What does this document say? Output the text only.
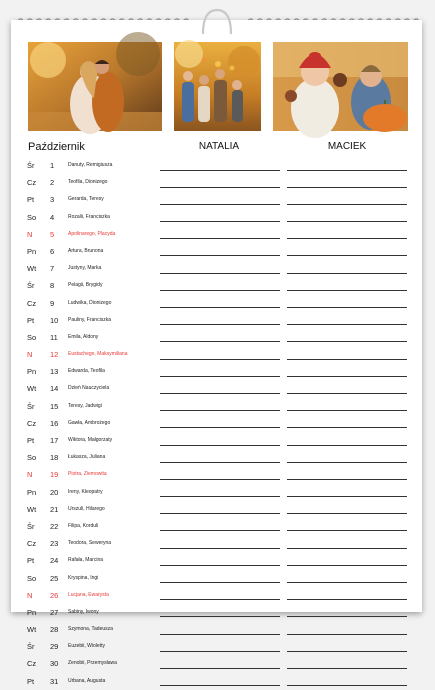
Październik	NATALIA	MACIEK
Śr 1	Danuty, Remigiusza
Cz 2	Teofila, Dionizego
Pt 3	Gerarda, Teresy
So 4	Rozalii, Franciszka
N 5	Apolinarego, Placyda
Pn 6	Artura, Brunona
Wt 7	Justyny, Marka
Śr 8	Pelagii, Brygidy
Cz 9	Ludwika, Dionizego
Pt 10 Pauliny, Franciszka
So 11 Emila, Aldony
N 12 Eustachego, Maksymiliana
Pn 13 Edwarda, Teofila
Wt 14 Dzień Nauczyciela
Śr 15 Teresy, Jadwigi
Cz 16 Gawła, Ambrożego
Pt 17 Wiktora, Małgorzaty
So 18 Łukasza, Juliana
N 19 Piotra, Ziemowita
Pn 20 Ireny, Kleopatry
Wt 21 Urszuli, Hilarego
Śr 22 Filipa, Korduli
Cz 23 Teodora, Seweryna
Pt 24 Rafała, Marcina
So 25 Kryspina, Ingi
N 26 Lucjana, Ewarysta
Pn 27 Sabiny, Iwony
Wt 28 Szymona, Tadeusza
Śr 29 Euzebii, Wioletty
Cz 30 Zenobii, Przemysława
Pt 31 Urbana, Augusta
